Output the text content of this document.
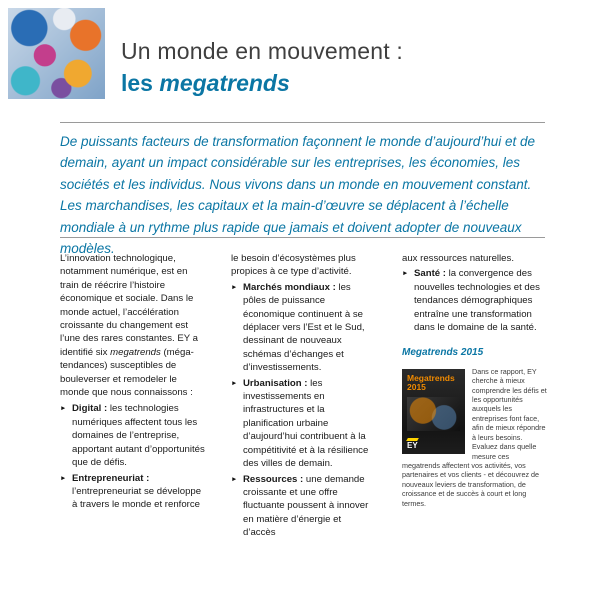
Un monde en mouvement :
les megatrends
De puissants facteurs de transformation façonnent le monde d’aujourd’hui et de demain, ayant un impact considérable sur les entreprises, les économies, les sociétés et les individus. Nous vivons dans un monde en mouvement constant. Les marchandises, les capitaux et la main-d’œuvre se déplacent à l’échelle mondiale à un rythme plus rapide que jamais et doivent adopter de nouveaux modèles.
L’innovation technologique, notamment numérique, est en train de réécrire l’histoire économique et sociale. Dans le monde actuel, l’accélération croissante du changement est l’une des rares constantes. EY a identifié six megatrends (méga-tendances) susceptibles de bouleverser et remodeler le monde que nous connaissons :
► Digital : les technologies numériques affectent tous les domaines de l’entreprise, apportant autant d’opportunités que de défis.
► Entrepreneuriat : l’entrepreneuriat se développe à travers le monde et renforce
le besoin d’écosystèmes plus propices à ce type d’activité.
► Marchés mondiaux : les pôles de puissance économique continuent à se déplacer vers l’Est et le Sud, dessinant de nouveaux schémas d’échanges et d’investissements.
► Urbanisation : les investissements en infrastructures et la planification urbaine d’aujourd’hui contribuent à la compétitivité et à la résilience des villes de demain.
► Ressources : une demande croissante et une offre fluctuante poussent à innover en matière d’énergie et d’accès
aux ressources naturelles.
► Santé : la convergence des nouvelles technologies et des tendances démographiques entraîne une transformation dans le domaine de la santé.
Megatrends 2015
Megatrends
2015
EY
Dans ce rapport, EY cherche à mieux comprendre les défis et les opportunités auxquels les entreprises font face, afin de mieux répondre à leurs besoins. Evaluez dans quelle mesure ces megatrends affectent vos activités, vos partenaires et vos clients - et découvrez de nouveaux leviers de transformation, de croissance et de succès à court et long termes.
